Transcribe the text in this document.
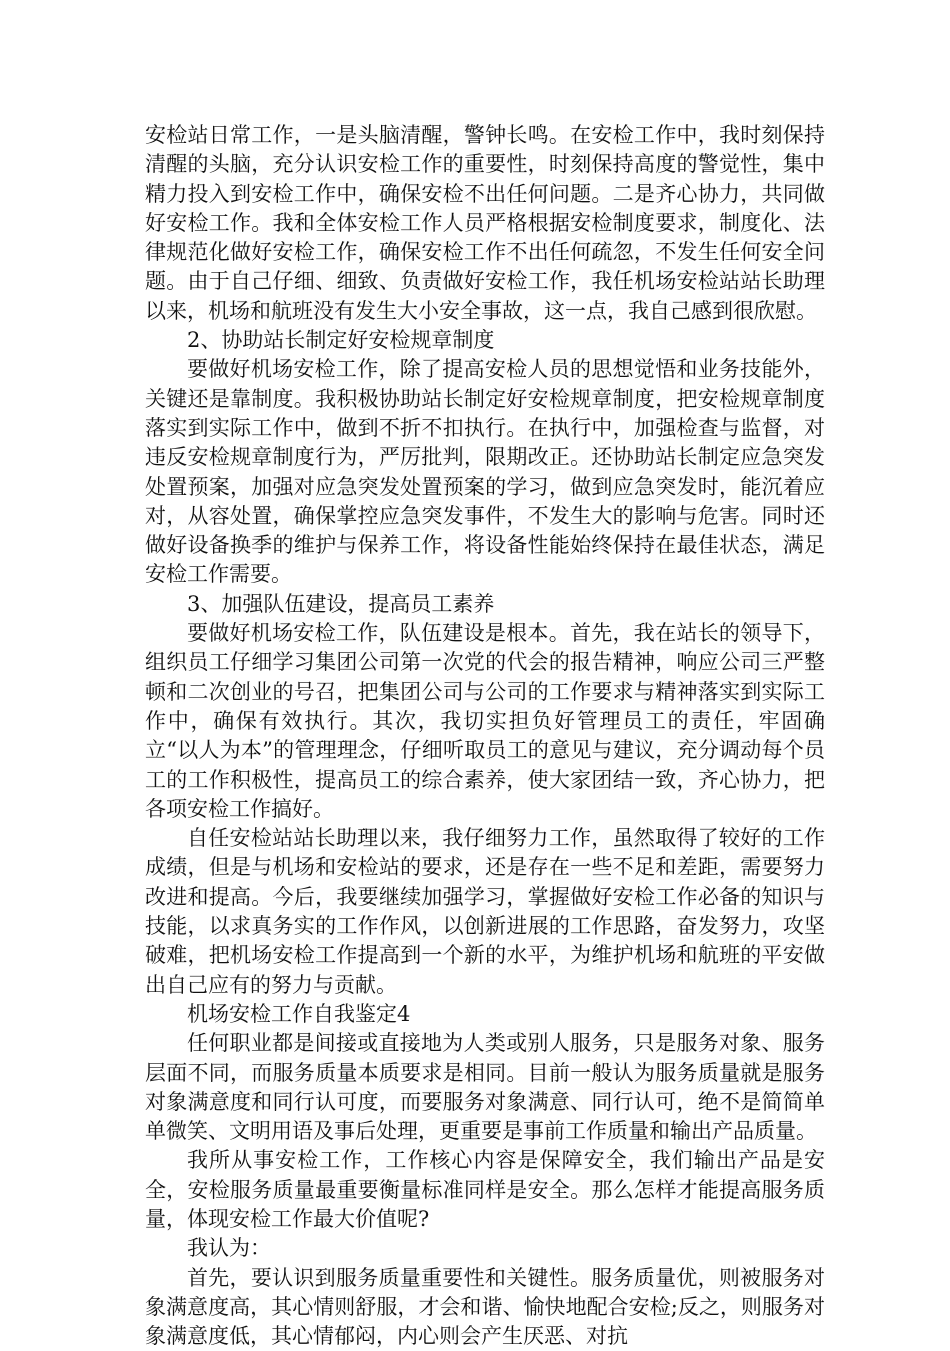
安检站日常工作，一是头脑清醒，警钟长鸣。在安检工作中，我时刻保持清醒的头脑，充分认识安检工作的重要性，时刻保持高度的警觉性，集中精力投入到安检工作中，确保安检不出任何问题。二是齐心协力，共同做好安检工作。我和全体安检工作人员严格根据安检制度要求，制度化、法律规范化做好安检工作，确保安检工作不出任何疏忽，不发生任何安全问题。由于自己仔细、细致、负责做好安检工作，我任机场安检站站长助理以来，机场和航班没有发生大小安全事故，这一点，我自己感到很欣慰。

2、协助站长制定好安检规章制度

要做好机场安检工作，除了提高安检人员的思想觉悟和业务技能外，关键还是靠制度。我积极协助站长制定好安检规章制度，把安检规章制度落实到实际工作中，做到不折不扣执行。在执行中，加强检查与监督，对违反安检规章制度行为，严厉批判，限期改正。还协助站长制定应急突发处置预案，加强对应急突发处置预案的学习，做到应急突发时，能沉着应对，从容处置，确保掌控应急突发事件，不发生大的影响与危害。同时还做好设备换季的维护与保养工作，将设备性能始终保持在最佳状态，满足安检工作需要。

3、加强队伍建设，提高员工素养

要做好机场安检工作，队伍建设是根本。首先，我在站长的领导下，组织员工仔细学习集团公司第一次党的代会的报告精神，响应公司三严整顿和二次创业的号召，把集团公司与公司的工作要求与精神落实到实际工作中，确保有效执行。其次，我切实担负好管理员工的责任，牢固确立“以人为本”的管理理念，仔细听取员工的意见与建议，充分调动每个员工的工作积极性，提高员工的综合素养，使大家团结一致，齐心协力，把各项安检工作搞好。

自任安检站站长助理以来，我仔细努力工作，虽然取得了较好的工作成绩，但是与机场和安检站的要求，还是存在一些不足和差距，需要努力改进和提高。今后，我要继续加强学习，掌握做好安检工作必备的知识与技能，以求真务实的工作作风，以创新进展的工作思路，奋发努力，攻坚破难，把机场安检工作提高到一个新的水平，为维护机场和航班的平安做出自己应有的努力与贡献。

机场安检工作自我鉴定4

任何职业都是间接或直接地为人类或别人服务，只是服务对象、服务层面不同，而服务质量本质要求是相同。目前一般认为服务质量就是服务对象满意度和同行认可度，而要服务对象满意、同行认可，绝不是简简单单微笑、文明用语及事后处理，更重要是事前工作质量和输出产品质量。

我所从事安检工作，工作核心内容是保障安全，我们输出产品是安全，安检服务质量最重要衡量标准同样是安全。那么怎样才能提高服务质量，体现安检工作最大价值呢?

我认为：

首先，要认识到服务质量重要性和关键性。服务质量优，则被服务对象满意度高，其心情则舒服，才会和谐、愉快地配合安检;反之，则服务对象满意度低，其心情郁闷，内心则会产生厌恶、对抗
